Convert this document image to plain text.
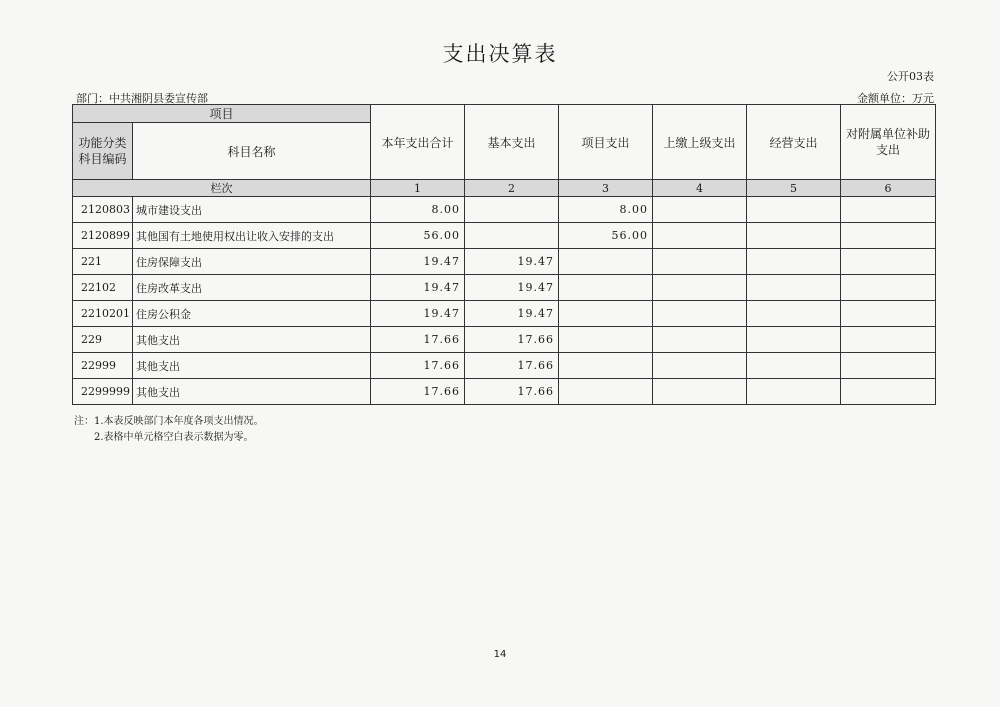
支出决算表
公开03表
部门：中共湘阴县委宣传部	金额单位：万元
项目		本年支出合计	基本支出	项目支出	上缴上级支出	经营支出	对附属单位补助支出
功能分类科目编码	科目名称						
栏次		1	2	3	4	5	6
2120803	城市建设支出	8.00		8.00			
2120899	其他国有土地使用权出让收入安排的支出	56.00		56.00			
221	住房保障支出	19.47	19.47				
22102	住房改革支出	19.47	19.47				
2210201	住房公积金	19.47	19.47				
229	其他支出	17.66	17.66				
22999	其他支出	17.66	17.66				
2299999	其他支出	17.66	17.66				
注：1.本表反映部门本年度各项支出情况。
2.表格中单元格空白表示数据为零。
14
